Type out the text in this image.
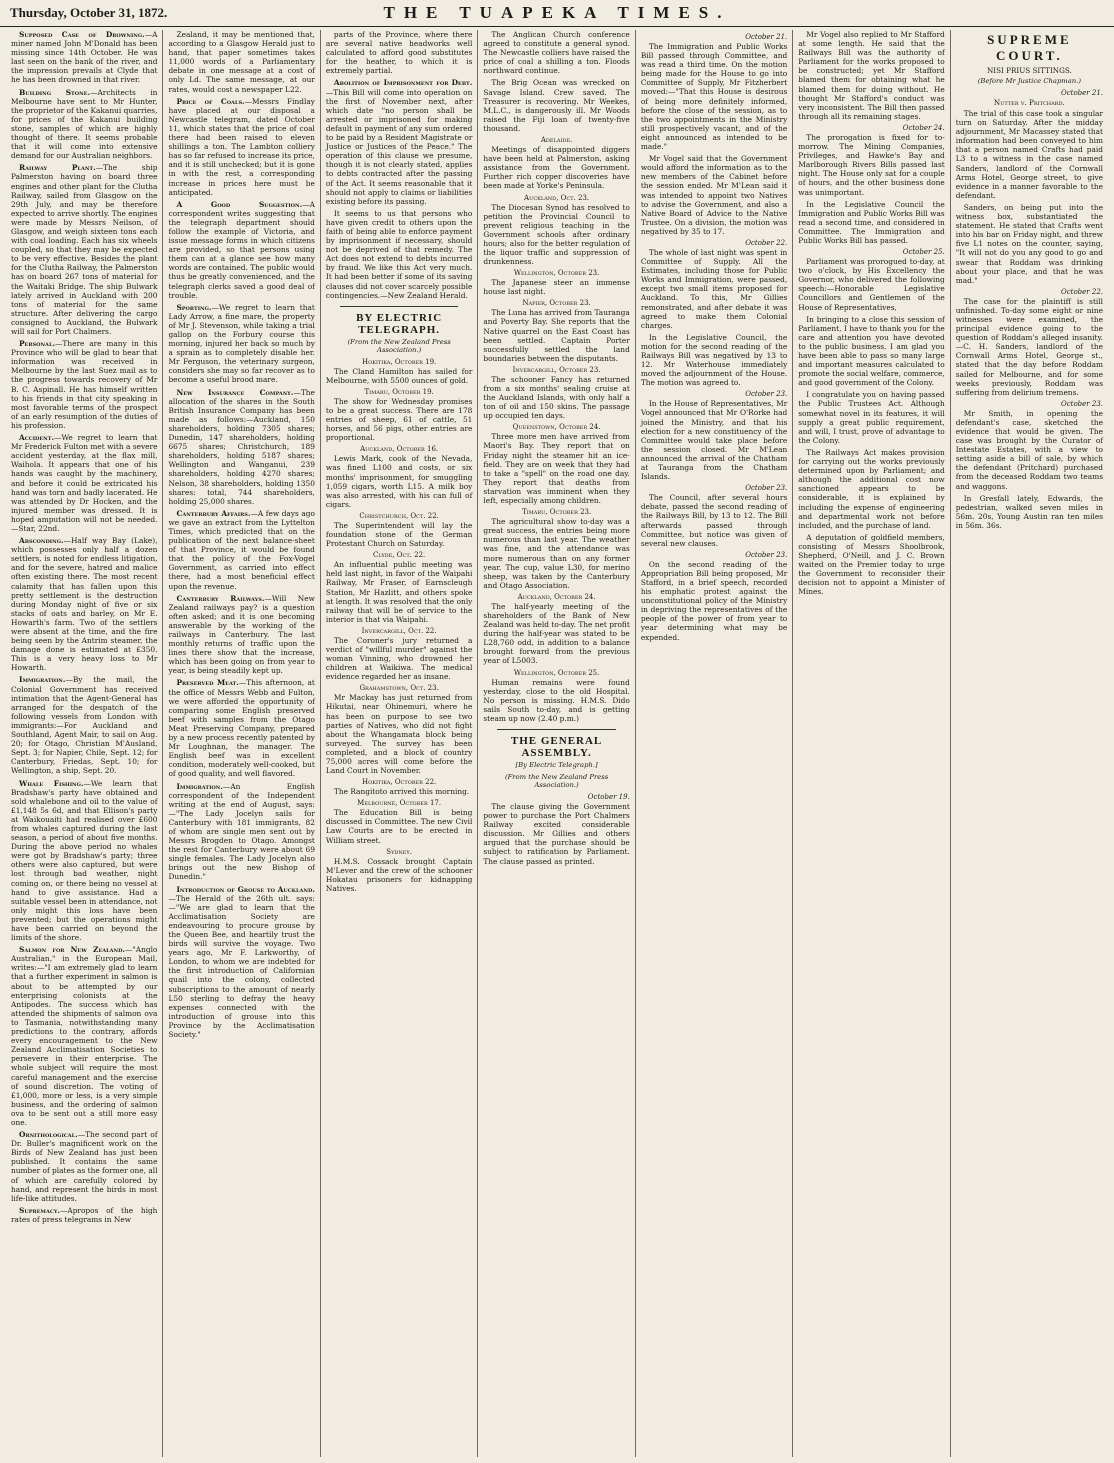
Thursday, October 31, 1872.	THE TUAPEKA TIMES.

Supposed Case of Drowning.—A miner named John M'Donald has been missing since 14th October. He was last seen on the bank of the river, and the impression prevails at Clyde that he has been drowned in that river.

Building Stone.—Architects in Melbourne have sent to Mr Hunter, the proprietor of the Kakanui quarries, for prices of the Kakanui building stone, samples of which are highly thought of there. It seems probable that it will come into extensive demand for our Australian neighbors.

Railway Plant.—The ship Palmerston having on board three engines and other plant for the Clutha Railway, sailed from Glasgow on the 29th July, and may be therefore expected to arrive shortly. The engines were made by Messrs Neilson, of Glasgow, and weigh sixteen tons each with coal loading. Each has six wheels coupled, so that they may be expected to be very effective. Besides the plant for the Clutha Railway, the Palmerston has on board 267 tons of material for the Waitaki Bridge. The ship Bulwark lately arrived in Auckland with 200 tons of material for the same structure. After delivering the cargo consigned to Auckland, the Bulwark will sail for Port Chalmers.

Personal.—There are many in this Province who will be glad to hear that information was received in Melbourne by the last Suez mail as to the progress towards recovery of Mr B. C. Aspinall. He has himself written to his friends in that city speaking in most favorable terms of the prospect of an early resumption of the duties of his profession.

Accident.—We regret to learn that Mr Frederick Fulton met with a severe accident yesterday, at the flax mill, Waihola. It appears that one of his hands was caught by the machinery, and before it could be extricated his hand was torn and badly lacerated. He was attended by Dr Hocken, and the injured member was dressed. It is hoped amputation will not be needed.—Star, 22nd.

Absconding.—Half way Bay (Lake), which possesses only half a dozen settlers, is noted for endless litigation, and for the severe, hatred and malice often existing there. The most recent calamity that has fallen upon this pretty settlement is the destruction during Monday night of five or six stacks of oats and barley, on Mr E. Howarth's farm. Two of the settlers were absent at the time, and the fire being seen by the Antrim steamer, the damage done is estimated at £350. This is a very heavy loss to Mr Howarth.

Immigration.—By the mail, the Colonial Government has received intimation that the Agent-General has arranged for the despatch of the following vessels from London with immigrants:—For Auckland and Southland, Agent Mair, to sail on Aug. 20; for Otago, Christian M'Ausland, Sept. 3; for Napier, Chile, Sept. 12; for Canterbury, Friedas, Sept. 10; for Wellington, a ship, Sept. 20.

Whale Fishing.—We learn that Bradshaw's party have obtained and sold whalebone and oil to the value of £1,148 5s 6d, and that Ellison's party at Waikouaiti had realised over £600 from whales captured during the last season, a period of about five months. During the above period no whales were got by Bradshaw's party; three others were also captured, but were lost through bad weather, night coming on, or there being no vessel at hand to give assistance. Had a suitable vessel been in attendance, not only might this loss have been prevented; but the operations might have been carried on beyond the limits of the shore.

Salmon for New Zealand.—"Anglo Australian," in the European Mail, writes:—"I am extremely glad to learn that a further experiment in salmon is about to be attempted by our enterprising colonists at the Antipodes. The success which has attended the shipments of salmon ova to Tasmania, notwithstanding many predictions to the contrary, affords every encouragement to the New Zealand Acclimatisation Societies to persevere in their enterprise. The whole subject will require the most careful management and the exercise of sound discretion. The voting of £1,000, more or less, is a very simple business, and the ordering of salmon ova to be sent out a still more easy one.

Ornithological.—The second part of Dr. Buller's magnificent work on the Birds of New Zealand has just been published. It contains the same number of plates as the former one, all of which are carefully colored by hand, and represent the birds in most life-like attitudes.

Supremacy.—Apropos of the high rates of press telegrams in New

Zealand, it may be mentioned that, according to a Glasgow Herald just to hand, that paper sometimes takes 11,000 words of a Parliamentary debate in one message at a cost of only Ld. The same message, at our rates, would cost a newspaper L22.

Price of Coals.—Messrs Findlay have placed at our disposal a Newcastle telegram, dated October 11, which states that the price of coal there had been raised to eleven shillings a ton. The Lambton colliery has so far refused to increase its price, and it is still unchecked; but it is gone in with the rest, a corresponding increase in prices here must be anticipated.

A Good Suggestion.—A correspondent writes suggesting that the telegraph department should follow the example of Victoria, and issue message forms in which citizens are provided, so that persons using them can at a glance see how many words are contained. The public would thus be greatly convenienced, and the telegraph clerks saved a good deal of trouble.

Sporting.—We regret to learn that Lady Arrow, a fine mare, the property of Mr J. Stevenson, while taking a trial gallop on the Forbury course this morning, injured her back so much by a sprain as to completely disable her. Mr Ferguson, the veterinary surgeon, considers she may so far recover as to become a useful brood mare.

New Insurance Company.—The allocation of the shares in the South British Insurance Company has been made as follows:—Auckland, 150 shareholders, holding 7305 shares; Dunedin, 147 shareholders, holding 6675 shares; Christchurch, 189 shareholders, holding 5187 shares; Wellington and Wanganui, 239 shareholders, holding 4270 shares; Nelson, 38 shareholders, holding 1350 shares: total, 744 shareholders, holding 25,000 shares.

Canterbury Affairs.—A few days ago we gave an extract from the Lyttelton Times, which predicted that on the publication of the next balance-sheet of that Province, it would be found that the policy of the Fox-Vogel Government, as carried into effect there, had a most beneficial effect upon the revenue.

Canterbury Railways.—Will New Zealand railways pay? is a question often asked; and it is one becoming answerable by the working of the railways in Canterbury. The last monthly returns of traffic upon the lines there show that the increase, which has been going on from year to year, is being steadily kept up.

Preserved Meat.—This afternoon, at the office of Messrs Webb and Fulton, we were afforded the opportunity of comparing some English preserved beef with samples from the Otago Meat Preserving Company, prepared by a new process recently patented by Mr Loughnan, the manager. The English beef was in excellent condition, moderately well-cooked, but of good quality, and well flavored.

Immigration.—An English correspondent of the Independent writing at the end of August, says:—"The Lady Jocelyn sails for Canterbury with 181 immigrants, 82 of whom are single men sent out by Messrs Brogden to Otago. Amongst the rest for Canterbury were about 69 single females. The Lady Jocelyn also brings out the new Bishop of Dunedin."

Introduction of Grouse to Auckland.—The Herald of the 26th ult. says:—"We are glad to learn that the Acclimatisation Society are endeavouring to procure grouse by the Queen Bee, and heartily trust the birds will survive the voyage. Two years ago, Mr F. Larkworthy, of London, to whom we are indebted for the first introduction of Californian quail into the colony, collected subscriptions to the amount of nearly L50 sterling to defray the heavy expenses connected with the introduction of grouse into this Province by the Acclimatisation Society."

parts of the Province, where there are several native headworks well calculated to afford good substitutes for the heather, to which it is extremely partial.

Abolition of Imprisonment for Debt.—This Bill will come into operation on the first of November next, after which date "no person shall be arrested or imprisoned for making default in payment of any sum ordered to be paid by a Resident Magistrate or Justice or Justices of the Peace." The operation of this clause we presume, though it is not clearly stated, applies to debts contracted after the passing of the Act. It seems reasonable that it should not apply to claims or liabilities existing before its passing.

It seems to us that persons who have given credit to others upon the faith of being able to enforce payment by imprisonment if necessary, should not be deprived of that remedy. The Act does not extend to debts incurred by fraud. We like this Act very much. It had been better if some of its saving clauses did not cover scarcely possible contingencies.—New Zealand Herald.

BY ELECTRIC TELEGRAPH.
(From the New Zealand Press Association.)
Hokitika, October 19.

The Cland Hamilton has sailed for Melbourne, with 5500 ounces of gold.

Timaru, October 19.

The show for Wednesday promises to be a great success. There are 178 entries of sheep, 61 of cattle, 51 horses, and 56 pigs, other entries are proportional.

Auckland, October 16.

Lewis Mark, cook of the Nevada, was fined L100 and costs, or six months' imprisonment, for smuggling 1,059 cigars, worth L15. A milk boy was also arrested, with his can full of cigars.

Christchurch, Oct. 22.

The Superintendent will lay the foundation stone of the German Protestant Church on Saturday.

Clyde, Oct. 22.

An influential public meeting was held last night, in favor of the Waipahi Railway, Mr Fraser, of Earnscleugh Station, Mr Hazlitt, and others spoke at length. It was resolved that the only railway that will be of service to the interior is that via Waipahi.

Invercargill, Oct. 22.

The Coroner's jury returned a verdict of "willful murder" against the woman Vinning, who drowned her children at Waikiwa. The medical evidence regarded her as insane.

Grahamstown, Oct. 23.

Mr Mackay has just returned from Hikutai, near Ohinemuri, where he has been on purpose to see two parties of Natives, who did not fight about the Whangamata block being surveyed. The survey has been completed, and a block of country 75,000 acres will come before the Land Court in November.

Hokitika, October 22.

The Rangitoto arrived this morning.

Melbourne, October 17.

The Education Bill is being discussed in Committee. The new Civil Law Courts are to be erected in William street.

Sydney.

H.M.S. Cossack brought Captain M'Lever and the crew of the schooner Hokatau prisoners for kidnapping Natives.

The Anglican Church conference agreed to constitute a general synod. The Newcastle colliers have raised the price of coal a shilling a ton. Floods northward continue.

The Brig Ocean was wrecked on Savage Island. Crew saved. The Treasurer is recovering. Mr Weekes, M.L.C., is dangerously ill. Mr Woods raised the Fiji loan of twenty-five thousand.

Adelaide.

Meetings of disappointed diggers have been held at Palmerston, asking assistance from the Government. Further rich copper discoveries have been made at Yorke's Peninsula.

Auckland, Oct. 23.

The Diocesan Synod has resolved to petition the Provincial Council to prevent religious teaching in the Government schools after ordinary hours; also for the better regulation of the liquor traffic and suppression of drunkenness.

Wellington, October 23.

The Japanese steer an immense house last night.

Napier, October 23.

The Luna has arrived from Tauranga and Poverty Bay. She reports that the Native quarrel on the East Coast has been settled. Captain Porter successfully settled the land boundaries between the disputants.

Invercargill, October 23.

The schooner Fancy has returned from a six months' sealing cruise at the Auckland Islands, with only half a ton of oil and 150 skins. The passage up occupied ten days.

Queenstown, October 24.

Three more men have arrived from Maori's Bay. They report that on Friday night the steamer hit an ice-field. They are on week that they had to take a "spell" on the road one day. They report that deaths from starvation was imminent when they left, especially among children.

Timaru, October 23.

The agricultural show to-day was a great success, the entries being more numerous than last year. The weather was fine, and the attendance was more numerous than on any former year. The cup, value L30, for merino sheep, was taken by the Canterbury and Otago Association.

Auckland, October 24.

The half-yearly meeting of the shareholders of the Bank of New Zealand was held to-day. The net profit during the half-year was stated to be L28,760 odd, in addition to a balance brought forward from the previous year of L5003.

Wellington, October 25.

Human remains were found yesterday, close to the old Hospital. No person is missing. H.M.S. Dido sails South to-day, and is getting steam up now (2.40 p.m.)

THE GENERAL ASSEMBLY.
[By Electric Telegraph.]
(From the New Zealand Press Association.)
October 19.

The clause giving the Government power to purchase the Port Chalmers Railway excited considerable discussion. Mr Gillies and others argued that the purchase should be subject to ratification by Parliament. The clause passed as printed.

October 21.

The Immigration and Public Works Bill passed through Committee, and was read a third time. On the motion being made for the House to go into Committee of Supply, Mr Fitzherbert moved:—"That this House is desirous of being more definitely informed, before the close of the session, as to the two appointments in the Ministry still prospectively vacant, and of the eight announced as intended to be made."

Mr Vogel said that the Government would afford the information as to the new members of the Cabinet before the session ended. Mr M'Lean said it was intended to appoint two Natives to advise the Government, and also a Native Board of Advice to the Native Trustee. On a division, the motion was negatived by 35 to 17.

October 22.

The whole of last night was spent in Committee of Supply. All the Estimates, including those for Public Works and Immigration, were passed, except two small items proposed for Auckland. To this, Mr Gillies remonstrated, and after debate it was agreed to make them Colonial charges.

In the Legislative Council, the motion for the second reading of the Railways Bill was negatived by 13 to 12. Mr Waterhouse immediately moved the adjournment of the House. The motion was agreed to.

October 23.

In the House of Representatives, Mr Vogel announced that Mr O'Rorke had joined the Ministry, and that his election for a new constituency of the Committee would take place before the session closed. Mr M'Lean announced the arrival of the Chatham at Tauranga from the Chatham Islands.

October 23.

The Council, after several hours debate, passed the second reading of the Railways Bill, by 13 to 12. The Bill afterwards passed through Committee, but notice was given of several new clauses.

October 23.

On the second reading of the Appropriation Bill being proposed, Mr Stafford, in a brief speech, recorded his emphatic protest against the unconstitutional policy of the Ministry in depriving the representatives of the people of the power of from year to year determining what may be expended.

Mr Vogel also replied to Mr Stafford at some length. He said that the Railways Bill was the authority of Parliament for the works proposed to be constructed; yet Mr Stafford blamed them for obtaining what he blamed them for doing without. He thought Mr Stafford's conduct was very inconsistent. The Bill then passed through all its remaining stages.

October 24.

The prorogation is fixed for to-morrow. The Mining Companies, Privileges, and Hawke's Bay and Marlborough Rivers Bills passed last night. The House only sat for a couple of hours, and the other business done was unimportant.

In the Legislative Council the Immigration and Public Works Bill was read a second time, and considered in Committee. The Immigration and Public Works Bill has passed.

October 25.

Parliament was prorogued to-day, at two o'clock, by His Excellency the Governor, who delivered the following speech:—Honorable Legislative Councillors and Gentlemen of the House of Representatives,

In bringing to a close this session of Parliament, I have to thank you for the care and attention you have devoted to the public business. I am glad you have been able to pass so many large and important measures calculated to promote the social welfare, commerce, and good government of the Colony.

I congratulate you on having passed the Public Trustees Act. Although somewhat novel in its features, it will supply a great public requirement, and will, I trust, prove of advantage to the Colony.

The Railways Act makes provision for carrying out the works previously determined upon by Parliament; and although the additional cost now sanctioned appears to be considerable, it is explained by including the expense of engineering and departmental work not before included, and the purchase of land.

A deputation of goldfield members, consisting of Messrs Shoolbrook, Shepherd, O'Neill, and J. C. Brown waited on the Premier today to urge the Government to reconsider their decision not to appoint a Minister of Mines.

SUPREME COURT.
NISI PRIUS SITTINGS.
(Before Mr Justice Chapman.)
October 21.
Nutter v. Pritchard.

The trial of this case took a singular turn on Saturday. After the midday adjournment, Mr Macassey stated that information had been conveyed to him that a person named Crafts had paid L3 to a witness in the case named Sanders, landlord of the Cornwall Arms Hotel, George street, to give evidence in a manner favorable to the defendant.

Sanders, on being put into the witness box, substantiated the statement. He stated that Crafts went into his bar on Friday night, and threw five L1 notes on the counter, saying, "It will not do you any good to go and swear that Roddam was drinking about your place, and that he was mad."

October 22.

The case for the plaintiff is still unfinished. To-day some eight or nine witnesses were examined, the principal evidence going to the question of Roddam's alleged insanity.—C. H. Sanders, landlord of the Cornwall Arms Hotel, George st., stated that the day before Roddam sailed for Melbourne, and for some weeks previously, Roddam was suffering from delirium tremens.

October 23.

Mr Smith, in opening the defendant's case, sketched the evidence that would be given. The case was brought by the Curator of Intestate Estates, with a view to setting aside a bill of sale, by which the defendant (Pritchard) purchased from the deceased Roddam two teams and waggons.

In Gresfall lately, Edwards, the pedestrian, walked seven miles in 56m. 20s, Young Austin ran ten miles in 56m. 36s.
